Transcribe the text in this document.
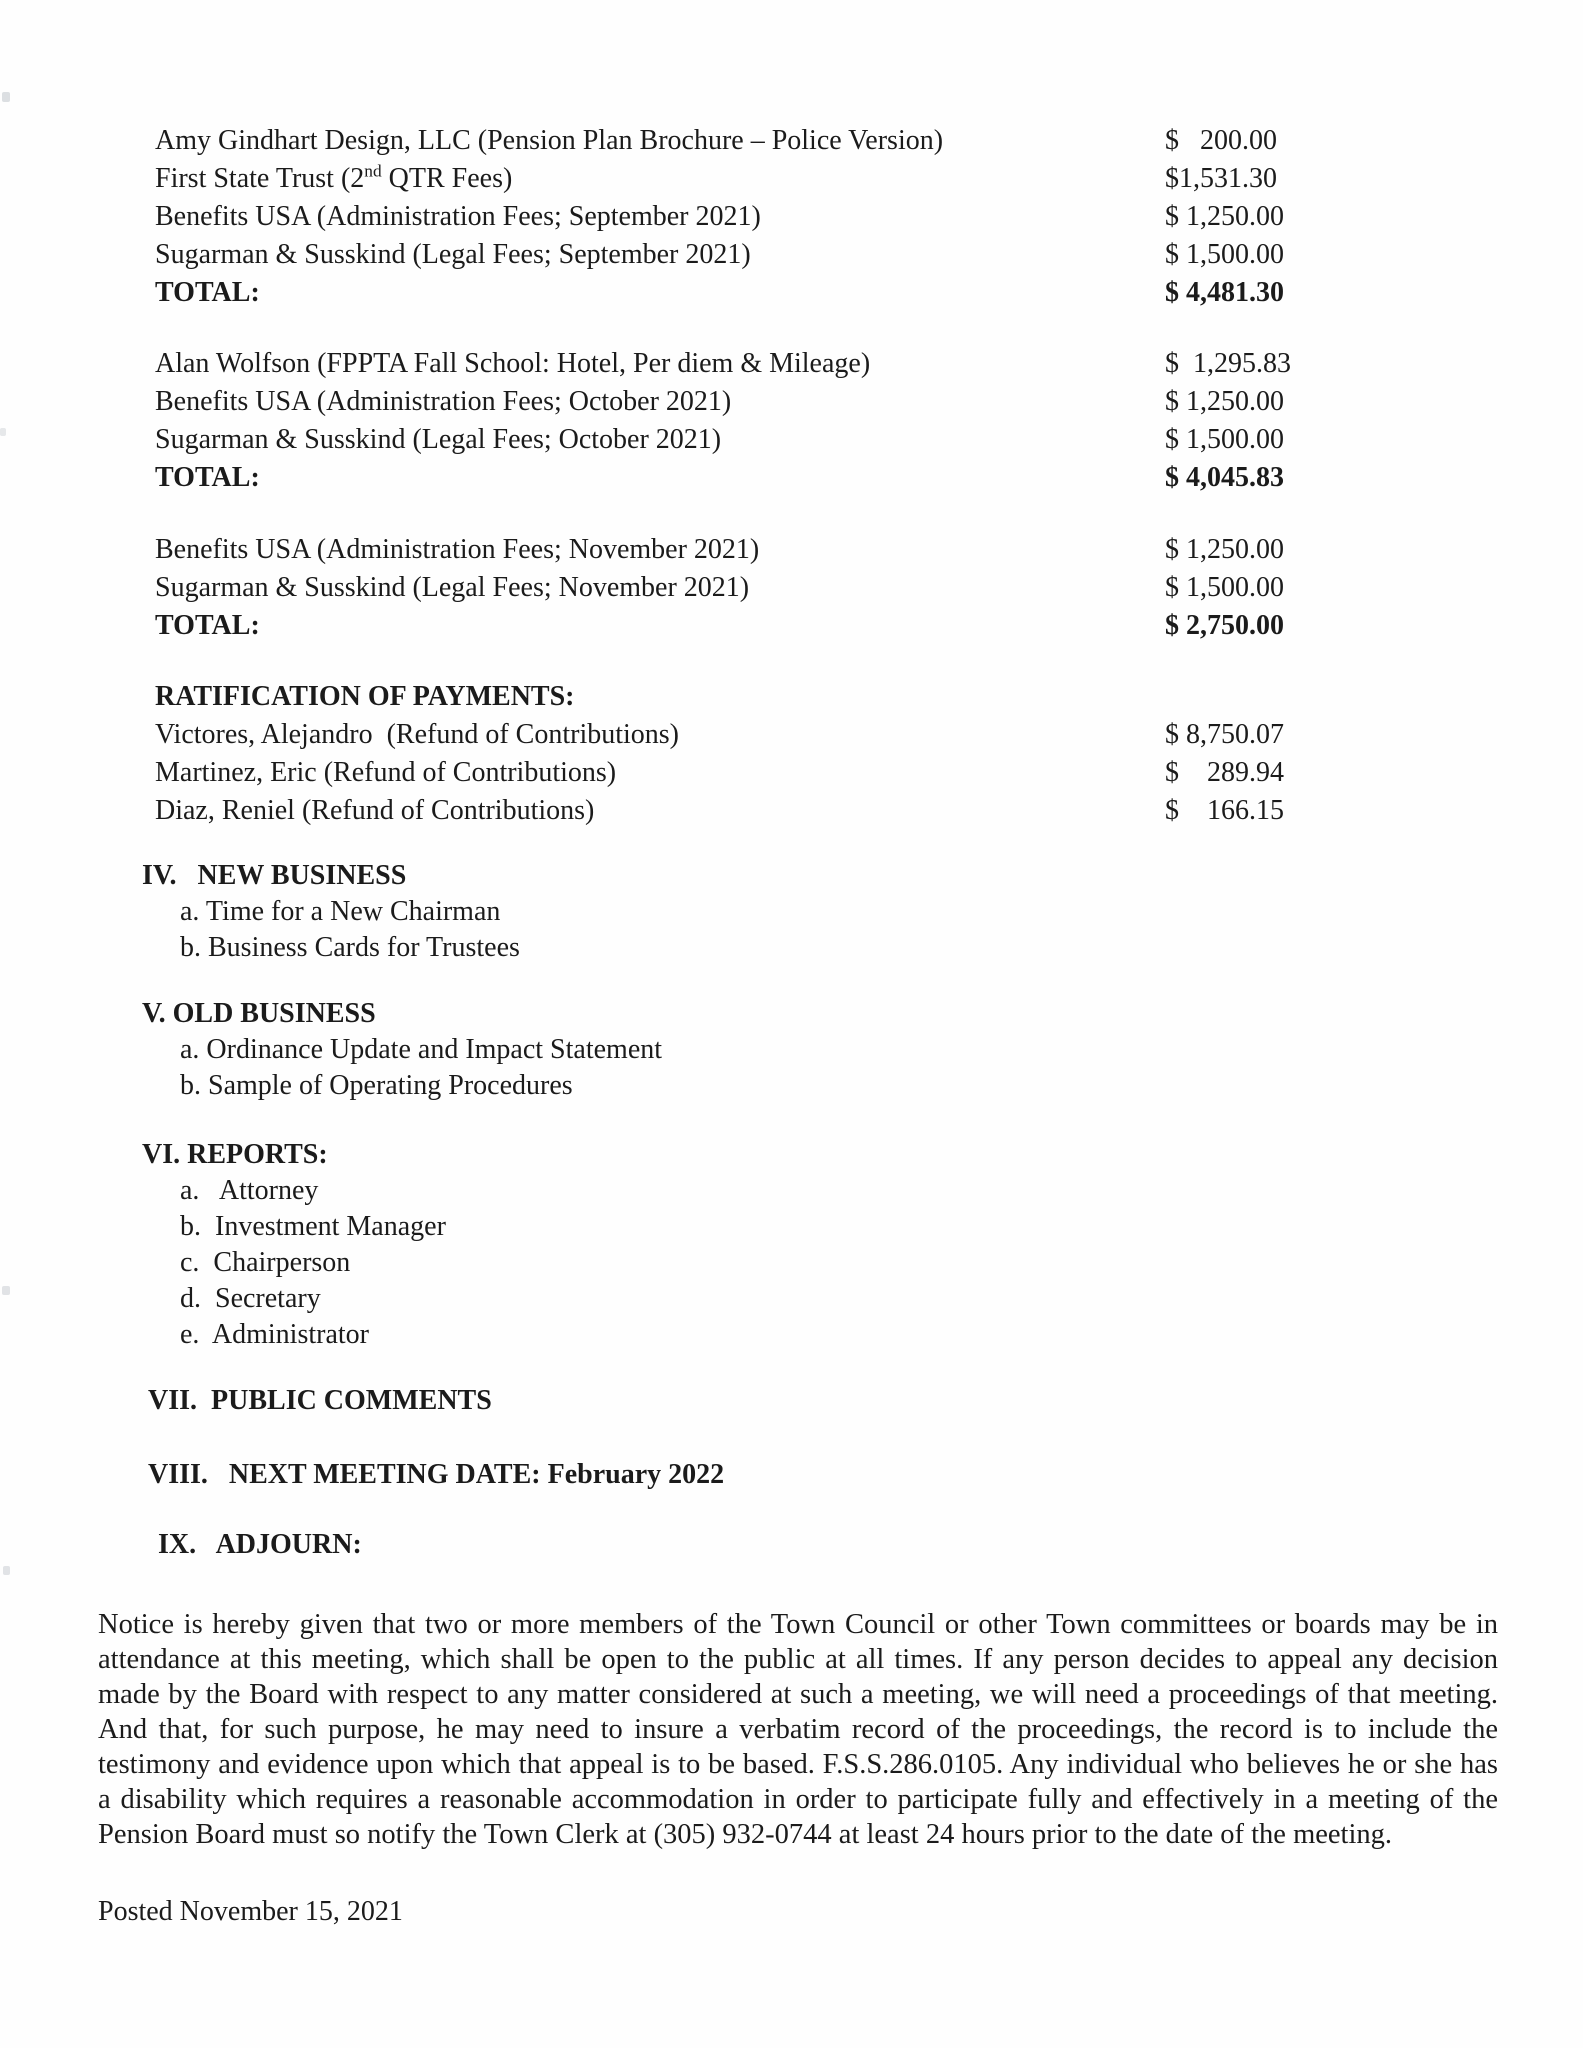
Amy Gindhart Design, LLC (Pension Plan Brochure – Police Version)	$   200.00
First State Trust (2nd QTR Fees)	$1,531.30
Benefits USA (Administration Fees; September 2021)	$ 1,250.00
Sugarman & Susskind (Legal Fees; September 2021)	$ 1,500.00
TOTAL:	$ 4,481.30
Alan Wolfson (FPPTA Fall School: Hotel, Per diem & Mileage)	$  1,295.83
Benefits USA (Administration Fees; October 2021)	$ 1,250.00
Sugarman & Susskind (Legal Fees; October 2021)	$ 1,500.00
TOTAL:	$ 4,045.83
Benefits USA (Administration Fees; November 2021)	$ 1,250.00
Sugarman & Susskind (Legal Fees; November 2021)	$ 1,500.00
TOTAL:	$ 2,750.00
RATIFICATION OF PAYMENTS:
Victores, Alejandro  (Refund of Contributions)	$ 8,750.07
Martinez, Eric (Refund of Contributions)	$    289.94
Diaz, Reniel (Refund of Contributions)	$    166.15
IV.   NEW BUSINESS
a. Time for a New Chairman
b. Business Cards for Trustees
V. OLD BUSINESS
a. Ordinance Update and Impact Statement
b. Sample of Operating Procedures
VI. REPORTS:
a.   Attorney
b.  Investment Manager
c.  Chairperson
d.  Secretary
e.  Administrator
VII.  PUBLIC COMMENTS
VIII.   NEXT MEETING DATE: February 2022
IX.   ADJOURN:

Notice is hereby given that two or more members of the Town Council or other Town committees or boards may be in attendance at this meeting, which shall be open to the public at all times. If any person decides to appeal any decision made by the Board with respect to any matter considered at such a meeting, we will need a proceedings of that meeting. And that, for such purpose, he may need to insure a verbatim record of the proceedings, the record is to include the testimony and evidence upon which that appeal is to be based. F.S.S.286.0105. Any individual who believes he or she has a disability which requires a reasonable accommodation in order to participate fully and effectively in a meeting of the Pension Board must so notify the Town Clerk at (305) 932-0744 at least 24 hours prior to the date of the meeting.

Posted November 15, 2021
